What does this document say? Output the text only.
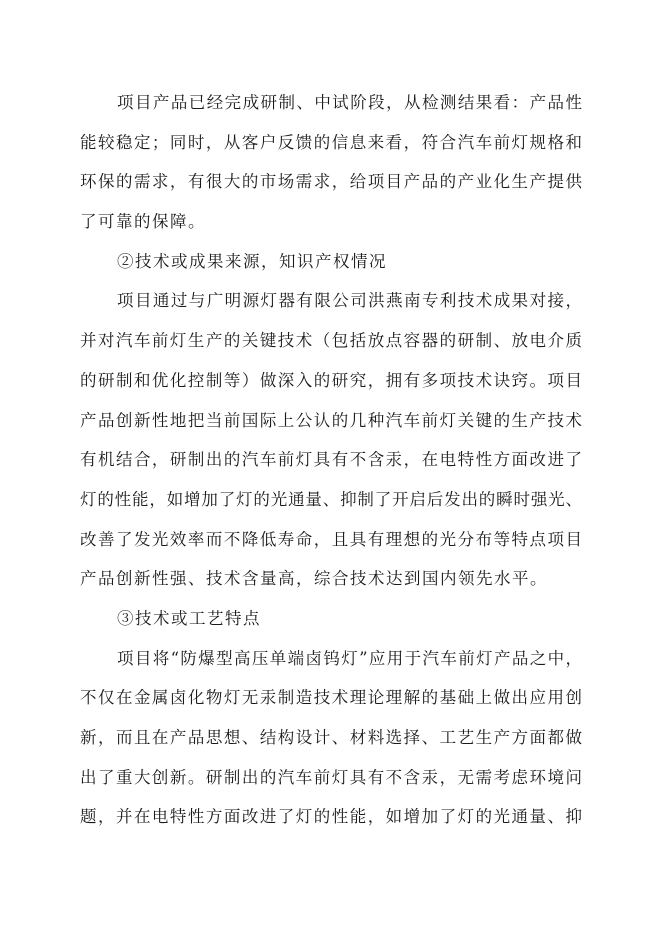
项目产品已经完成研制、中试阶段，从检测结果看：产品性
能较稳定；同时，从客户反馈的信息来看，符合汽车前灯规格和
环保的需求，有很大的市场需求，给项目产品的产业化生产提供
了可靠的保障。
②技术或成果来源，知识产权情况
项目通过与广明源灯器有限公司洪燕南专利技术成果对接，
并对汽车前灯生产的关键技术（包括放点容器的研制、放电介质
的研制和优化控制等）做深入的研究，拥有多项技术诀窍。项目
产品创新性地把当前国际上公认的几种汽车前灯关键的生产技术
有机结合，研制出的汽车前灯具有不含汞，在电特性方面改进了
灯的性能，如增加了灯的光通量、抑制了开启后发出的瞬时强光、
改善了发光效率而不降低寿命，且具有理想的光分布等特点项目
产品创新性强、技术含量高，综合技术达到国内领先水平。
③技术或工艺特点
项目将“防爆型高压单端卤钨灯”应用于汽车前灯产品之中，
不仅在金属卤化物灯无汞制造技术理论理解的基础上做出应用创
新，而且在产品思想、结构设计、材料选择、工艺生产方面都做
出了重大创新。研制出的汽车前灯具有不含汞，无需考虑环境问
题，并在电特性方面改进了灯的性能，如增加了灯的光通量、抑
